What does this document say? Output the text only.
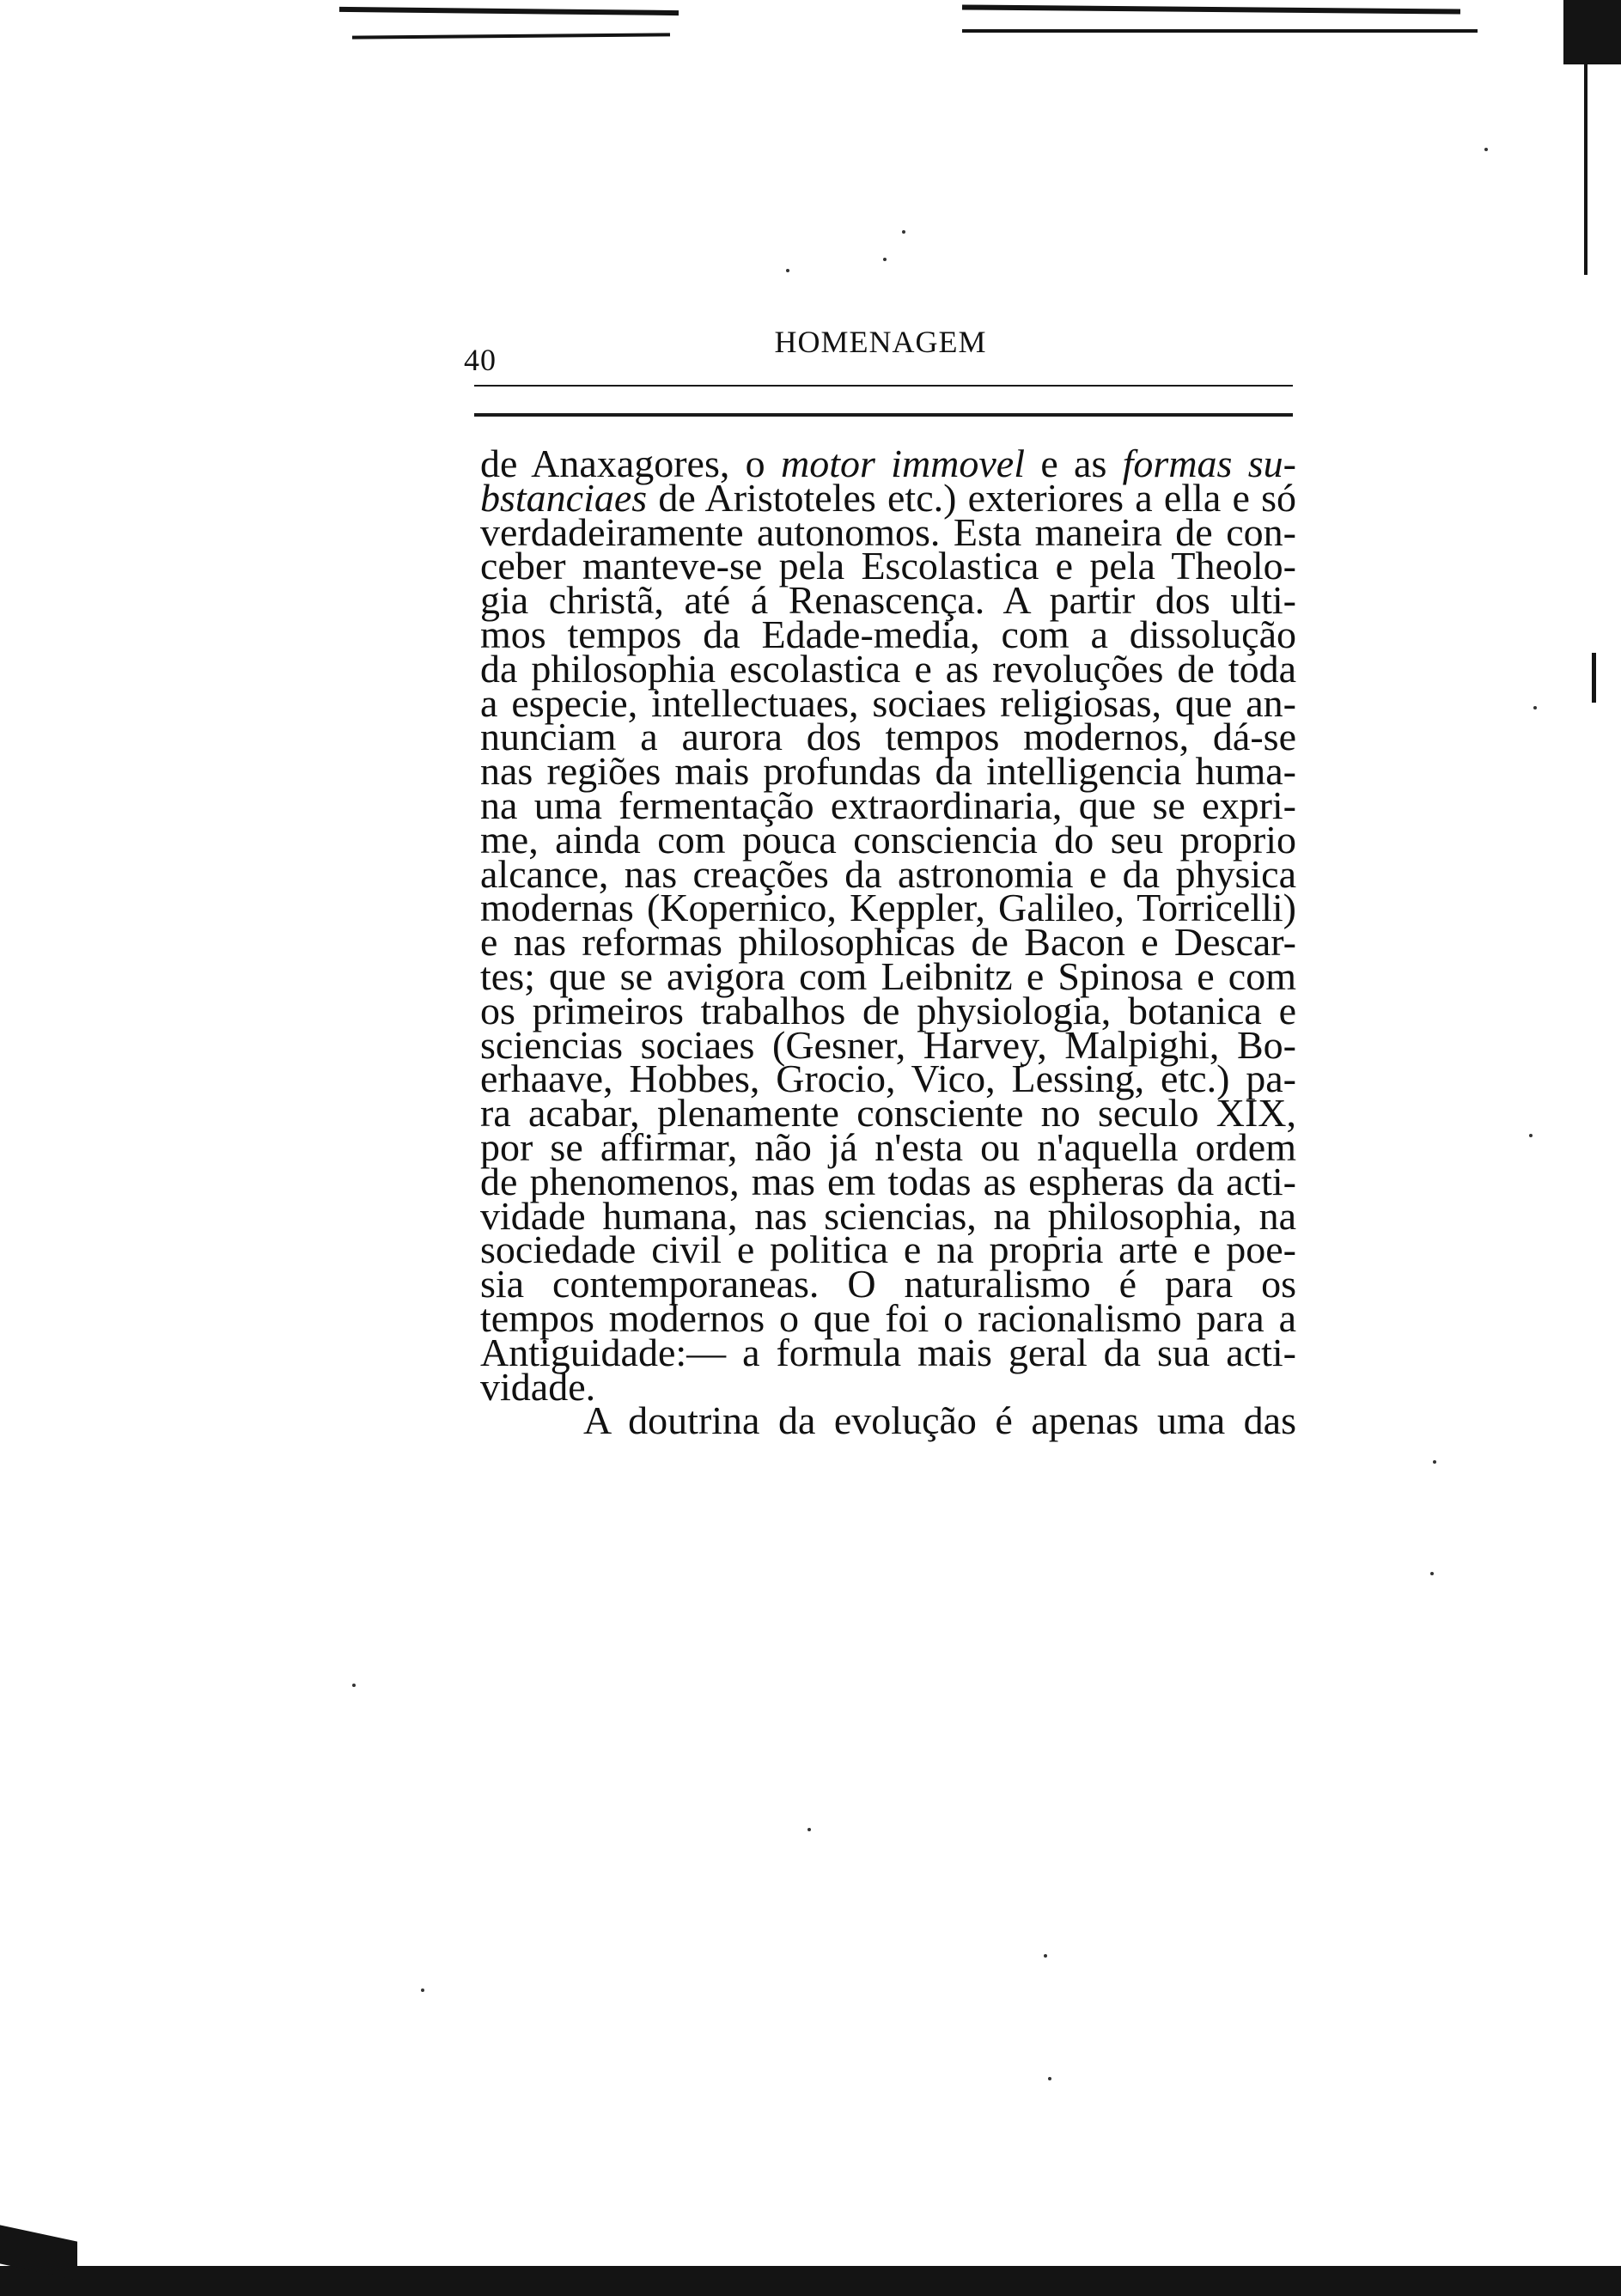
40
HOMENAGEM
de Anaxagores, o motor immovel e as formas su-
bstanciaes de Aristoteles etc.) exteriores a ella e só
verdadeiramente autonomos. Esta maneira de con-
ceber manteve-se pela Escolastica e pela Theolo-
gia christã, até á Renascença. A partir dos ulti-
mos tempos da Edade-media, com a dissolução
da philosophia escolastica e as revoluções de toda
a especie, intellectuaes, sociaes religiosas, que an-
nunciam a aurora dos tempos modernos, dá-se
nas regiões mais profundas da intelligencia huma-
na uma fermentação extraordinaria, que se expri-
me, ainda com pouca consciencia do seu proprio
alcance, nas creações da astronomia e da physica
modernas (Kopernico, Keppler, Galileo, Torricelli)
e nas reformas philosophicas de Bacon e Descar-
tes; que se avigora com Leibnitz e Spinosa e com
os primeiros trabalhos de physiologia, botanica e
sciencias sociaes (Gesner, Harvey, Malpighi, Bo-
erhaave, Hobbes, Grocio, Vico, Lessing, etc.) pa-
ra acabar, plenamente consciente no seculo XIX,
por se affirmar, não já n'esta ou n'aquella ordem
de phenomenos, mas em todas as espheras da acti-
vidade humana, nas sciencias, na philosophia, na
sociedade civil e politica e na propria arte e poe-
sia contemporaneas. O naturalismo é para os
tempos modernos o que foi o racionalismo para a
Antiguidade:— a formula mais geral da sua acti-
vidade.
A doutrina da evolução é apenas uma das
